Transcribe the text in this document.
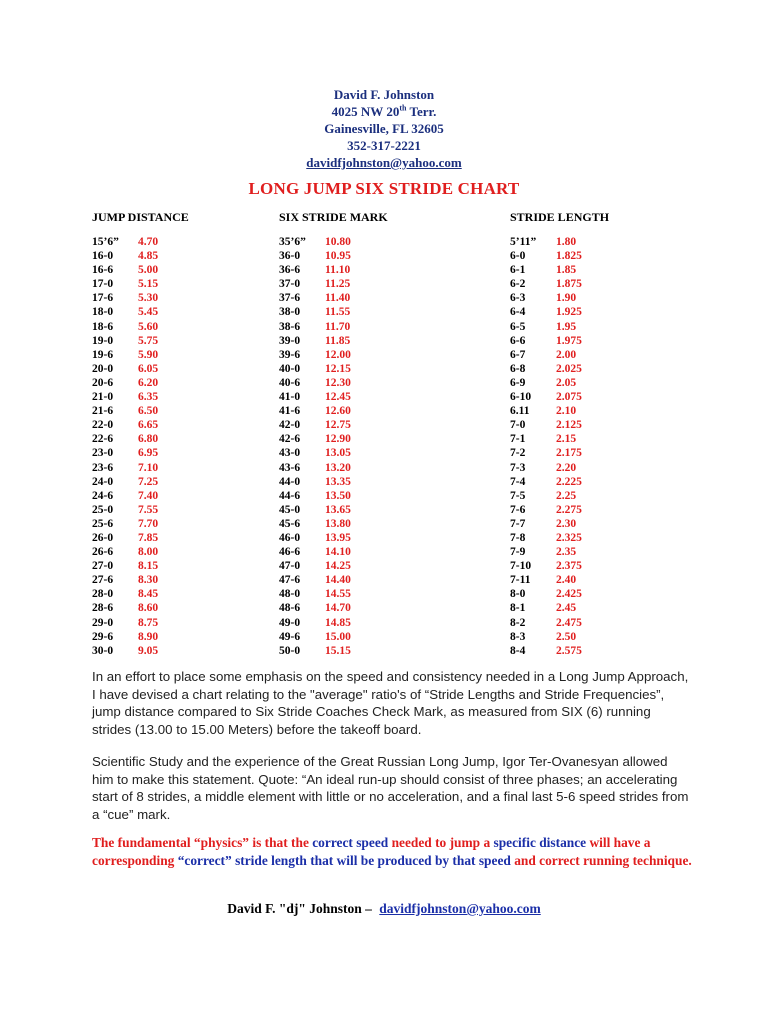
David F. Johnston
4025 NW 20th Terr.
Gainesville, FL 32605
352-317-2221
davidfjohnston@yahoo.com
LONG JUMP SIX STRIDE CHART
JUMP DISTANCE	SIX STRIDE MARK	STRIDE LENGTH
15’6” 4.70	35’6” 10.80	5’11” 1.80
16-0 4.85	36-0 10.95	6-0	1.825
16-6 5.00	36-6 11.10	6-1	1.85
17-0 5.15	37-0 11.25	6-2	1.875
17-6 5.30	37-6 11.40	6-3	1.90
18-0 5.45	38-0 11.55	6-4	1.925
18-6 5.60	38-6 11.70	6-5	1.95
19-0 5.75	39-0 11.85	6-6	1.975
19-6 5.90	39-6 12.00	6-7	2.00
20-0 6.05	40-0 12.15	6-8	2.025
20-6 6.20	40-6 12.30	6-9	2.05
21-0 6.35	41-0 12.45	6-10 2.075
21-6 6.50	41-6 12.60	6.11 2.10
22-0 6.65	42-0 12.75	7-0	2.125
22-6 6.80	42-6 12.90	7-1	2.15
23-0 6.95	43-0 13.05	7-2	2.175
23-6 7.10	43-6 13.20	7-3	2.20
24-0 7.25	44-0 13.35	7-4	2.225
24-6 7.40	44-6 13.50	7-5	2.25
25-0 7.55	45-0 13.65	7-6	2.275
25-6 7.70	45-6 13.80	7-7	2.30
26-0 7.85	46-0 13.95	7-8	2.325
26-6 8.00	46-6 14.10	7-9	2.35
27-0 8.15	47-0 14.25	7-10 2.375
27-6 8.30	47-6 14.40	7-11 2.40
28-0 8.45	48-0 14.55	8-0	2.425
28-6 8.60	48-6 14.70	8-1	2.45
29-0 8.75	49-0 14.85	8-2	2.475
29-6 8.90	49-6 15.00	8-3	2.50
30-0 9.05	50-0 15.15	8-4	2.575
In an effort to place some emphasis on the speed and consistency needed in a Long Jump Approach, I have devised a chart relating to the "average" ratio's of “Stride Lengths and Stride Frequencies”, jump distance compared to Six Stride Coaches Check Mark, as measured from SIX (6) running strides (13.00 to 15.00 Meters) before the takeoff board.
Scientific Study and the experience of the Great Russian Long Jump, Igor Ter-Ovanesyan allowed him to make this statement. Quote: “An ideal run-up should consist of three phases; an accelerating start of 8 strides, a middle element with little or no acceleration, and a final last 5-6 speed strides from a “cue” mark.
The fundamental “physics” is that the correct speed needed to jump a specific distance will have a corresponding “correct” stride length that will be produced by that speed and correct running technique.
David F. "dj" Johnston – davidfjohnston@yahoo.com
